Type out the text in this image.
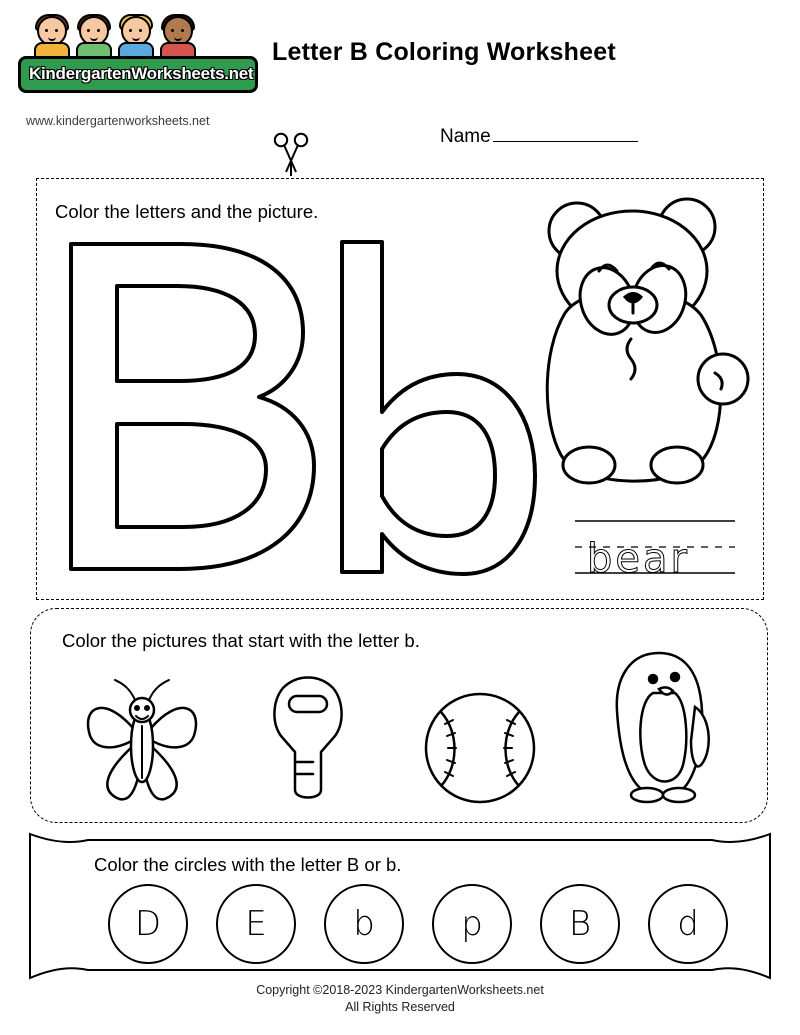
KindergartenWorksheets.net
www.kindergartenworksheets.net
Letter B Coloring Worksheet
Name
Color the letters and the picture.
bear
Color the pictures that start with the letter b.
Color the circles with the letter B or b.
D E	b	p	B	d
Copyright ©2018-2023 KindergartenWorksheets.net
All Rights Reserved
